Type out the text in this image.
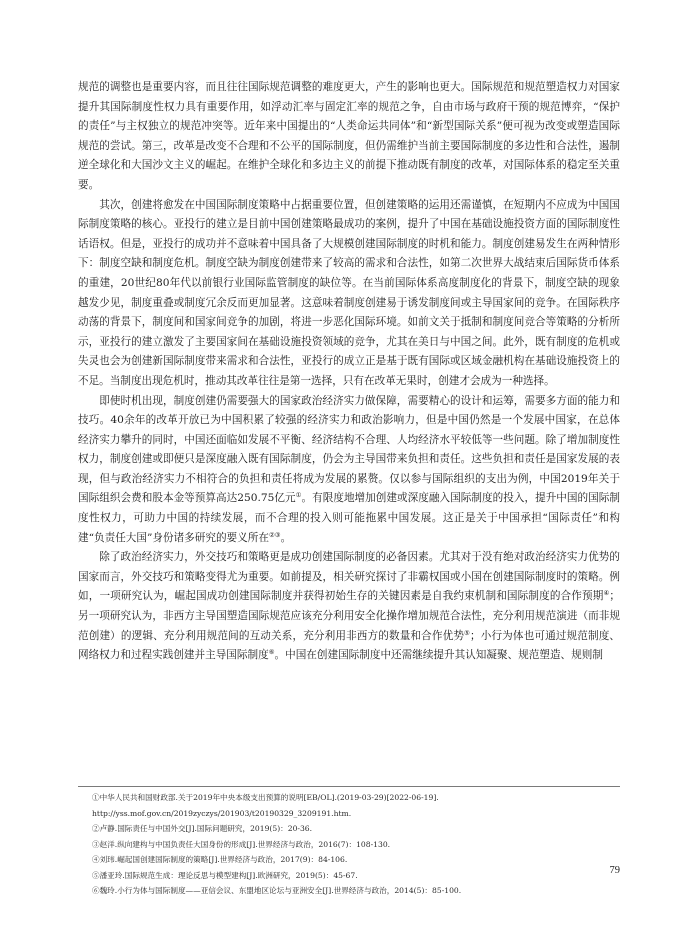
规范的调整也是重要内容，而且往往国际规范调整的难度更大，产生的影响也更大。国际规范和规范塑造权力对国家提升其国际制度性权力具有重要作用，如浮动汇率与固定汇率的规范之争，自由市场与政府干预的规范博弈，“保护的责任”与主权独立的规范冲突等。近年来中国提出的“人类命运共同体”和“新型国际关系”便可视为改变或塑造国际规范的尝试。第三，改革是改变不合理和不公平的国际制度，但仍需维护当前主要国际制度的多边性和合法性，遏制逆全球化和大国沙文主义的崛起。在维护全球化和多边主义的前提下推动既有制度的改革，对国际体系的稳定至关重要。

其次，创建将愈发在中国国际制度策略中占据重要位置，但创建策略的运用还需谨慎，在短期内不应成为中国国际制度策略的核心。亚投行的建立是目前中国创建策略最成功的案例，提升了中国在基础设施投资方面的国际制度性话语权。但是，亚投行的成功并不意味着中国具备了大规模创建国际制度的时机和能力。制度创建易发生在两种情形下：制度空缺和制度危机。制度空缺为制度创建带来了较高的需求和合法性，如第二次世界大战结束后国际货币体系的重建，20世纪80年代以前银行业国际监管制度的缺位等。在当前国际体系高度制度化的背景下，制度空缺的现象越发少见，制度重叠或制度冗余反而更加显著。这意味着制度创建易于诱发制度间或主导国家间的竞争。在国际秩序动荡的背景下，制度间和国家间竞争的加剧，将进一步恶化国际环境。如前文关于抵制和制度间竞合等策略的分析所示，亚投行的建立激发了主要国家间在基础设施投资领域的竞争，尤其在美日与中国之间。此外，既有制度的危机或失灵也会为创建新国际制度带来需求和合法性，亚投行的成立正是基于既有国际或区域金融机构在基础设施投资上的不足。当制度出现危机时，推动其改革往往是第一选择，只有在改革无果时，创建才会成为一种选择。

即使时机出现，制度创建仍需要强大的国家政治经济实力做保障，需要精心的设计和运筹，需要多方面的能力和技巧。40余年的改革开放已为中国积累了较强的经济实力和政治影响力，但是中国仍然是一个发展中国家，在总体经济实力攀升的同时，中国还面临如发展不平衡、经济结构不合理、人均经济水平较低等一些问题。除了增加制度性权力，制度创建或即便只是深度融入既有国际制度，仍会为主导国带来负担和责任。这些负担和责任是国家发展的表现，但与政治经济实力不相符合的负担和责任将成为发展的累赘。仅以参与国际组织的支出为例，中国2019年关于国际组织会费和股本金等预算高达250.75亿元①。有限度地增加创建或深度融入国际制度的投入，提升中国的国际制度性权力，可助力中国的持续发展，而不合理的投入则可能拖累中国发展。这正是关于中国承担“国际责任”和构建“负责任大国”身份诸多研究的要义所在②③。

除了政治经济实力，外交技巧和策略更是成功创建国际制度的必备因素。尤其对于没有绝对政治经济实力优势的国家而言，外交技巧和策略变得尤为重要。如前提及，相关研究探讨了非霸权国或小国在创建国际制度时的策略。例如，一项研究认为，崛起国成功创建国际制度并获得初始生存的关键因素是自我约束机制和国际制度的合作预期④；另一项研究认为，非西方主导国塑造国际规范应该充分利用安全化操作增加规范合法性，充分利用规范演进（而非规范创建）的逻辑、充分利用规范间的互动关系，充分利用非西方的数量和合作优势⑤；小行为体也可通过规范制度、网络权力和过程实践创建并主导国际制度⑥。中国在创建国际制度中还需继续提升其认知凝聚、规范塑造、规则制

①中华人民共和国财政部.关于2019年中央本级支出预算的说明[EB/OL].(2019-03-29)[2022-06-19]. http://yss.mof.gov.cn/2019zyczys/201903/t20190329_3209191.htm.

②卢静.国际责任与中国外交[J].国际问题研究，2019(5)：20-36.

③赵洋.纵向建构与中国负责任大国身份的形成[J].世界经济与政治，2016(7)：108-130.

④刘玮.崛起国创建国际制度的策略[J].世界经济与政治，2017(9)：84-106.

⑤潘亚玲.国际规范生成：理论反思与模型建构[J].欧洲研究，2019(5)：45-67.

⑥魏玲.小行为体与国际制度——亚信会议、东盟地区论坛与亚洲安全[J].世界经济与政治，2014(5)：85-100.

79
